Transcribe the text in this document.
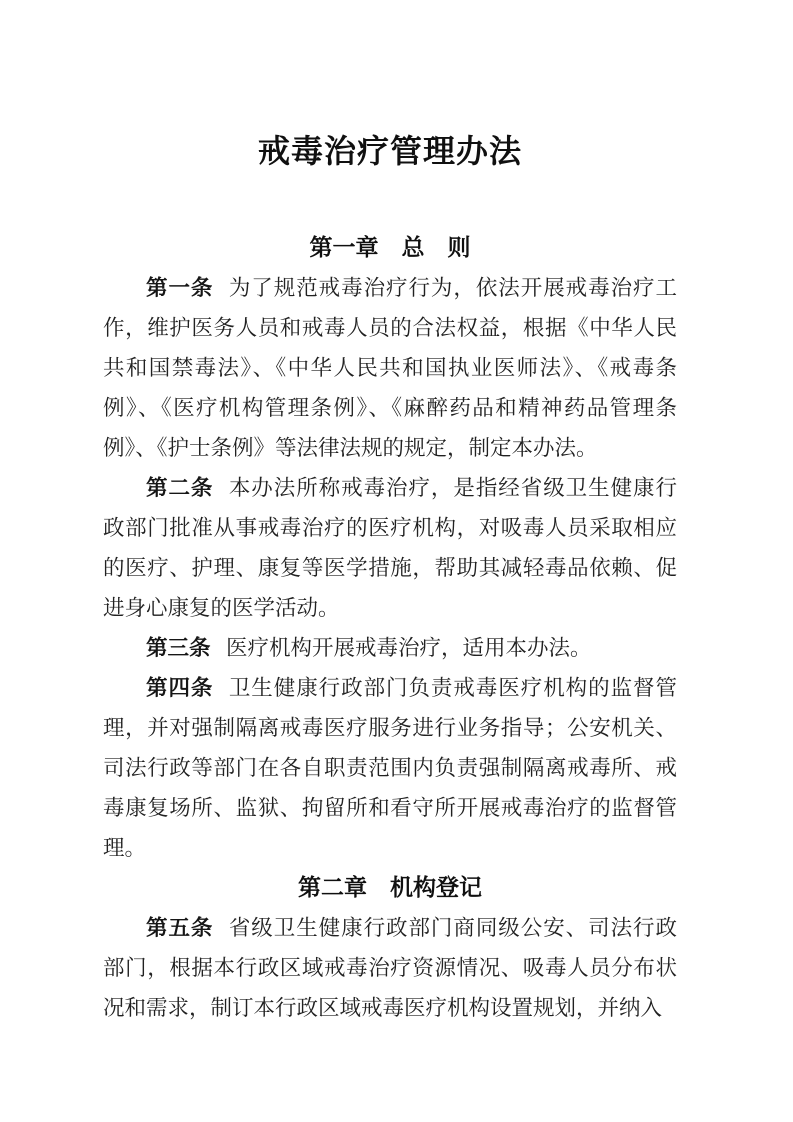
戒毒治疗管理办法
第一章　总　则

第一条 为了规范戒毒治疗行为，依法开展戒毒治疗工作，维护医务人员和戒毒人员的合法权益，根据《中华人民共和国禁毒法》、《中华人民共和国执业医师法》、《戒毒条例》、《医疗机构管理条例》、《麻醉药品和精神药品管理条例》、《护士条例》等法律法规的规定，制定本办法。

第二条 本办法所称戒毒治疗，是指经省级卫生健康行政部门批准从事戒毒治疗的医疗机构，对吸毒人员采取相应的医疗、护理、康复等医学措施，帮助其减轻毒品依赖、促进身心康复的医学活动。

第三条 医疗机构开展戒毒治疗，适用本办法。

第四条 卫生健康行政部门负责戒毒医疗机构的监督管理，并对强制隔离戒毒医疗服务进行业务指导；公安机关、司法行政等部门在各自职责范围内负责强制隔离戒毒所、戒毒康复场所、监狱、拘留所和看守所开展戒毒治疗的监督管理。

第二章　机构登记

第五条 省级卫生健康行政部门商同级公安、司法行政部门，根据本行政区域戒毒治疗资源情况、吸毒人员分布状况和需求，制订本行政区域戒毒医疗机构设置规划，并纳入
